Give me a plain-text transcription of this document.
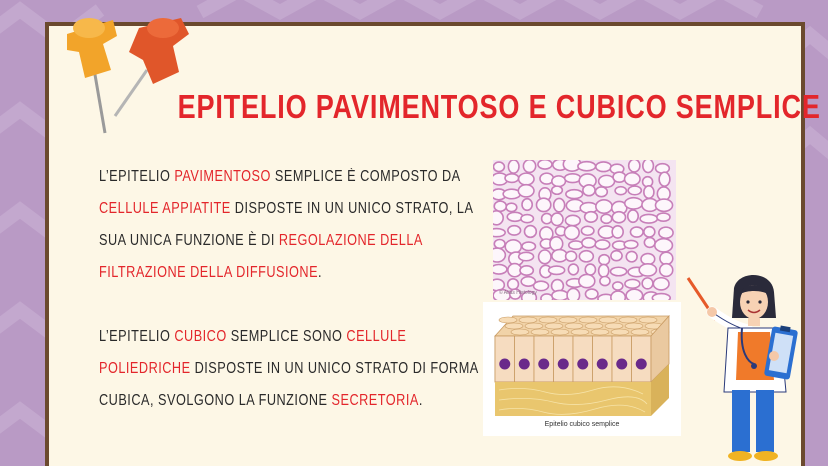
EPITELIO PAVIMENTOSO E CUBICO SEMPLICE

L’EPITELIO PAVIMENTOSO SEMPLICE È COMPOSTO DA CELLULE APPIATITE DISPOSTE IN UN UNICO STRATO, LA SUA UNICA FUNZIONE È DI REGOLAZIONE DELLA FILTRAZIONE DELLA DIFFUSIONE.

L’EPITELIO CUBICO SEMPLICE SONO CELLULE POLIEDRICHE DISPOSTE IN UN UNICO STRATO DI FORMA CUBICA, SVOLGONO LA FUNZIONE SECRETORIA.

© Atlas Histology
Epitelio cubico semplice
